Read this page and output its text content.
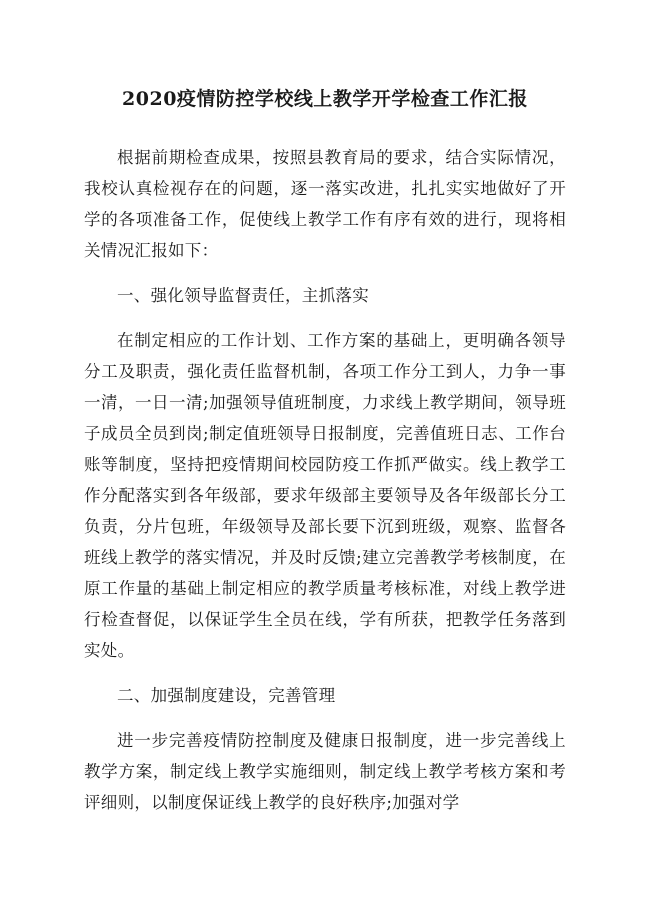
2020疫情防控学校线上教学开学检查工作汇报

根据前期检查成果，按照县教育局的要求，结合实际情况，我校认真检视存在的问题，逐一落实改进，扎扎实实地做好了开学的各项准备工作，促使线上教学工作有序有效的进行，现将相关情况汇报如下：

一、强化领导监督责任，主抓落实

在制定相应的工作计划、工作方案的基础上，更明确各领导分工及职责，强化责任监督机制，各项工作分工到人，力争一事一清，一日一清;加强领导值班制度，力求线上教学期间，领导班子成员全员到岗;制定值班领导日报制度，完善值班日志、工作台账等制度，坚持把疫情期间校园防疫工作抓严做实。线上教学工作分配落实到各年级部，要求年级部主要领导及各年级部长分工负责，分片包班，年级领导及部长要下沉到班级，观察、监督各班线上教学的落实情况，并及时反馈;建立完善教学考核制度，在原工作量的基础上制定相应的教学质量考核标准，对线上教学进行检查督促，以保证学生全员在线，学有所获，把教学任务落到实处。

二、加强制度建设，完善管理

进一步完善疫情防控制度及健康日报制度，进一步完善线上教学方案，制定线上教学实施细则，制定线上教学考核方案和考评细则，以制度保证线上教学的良好秩序;加强对学
